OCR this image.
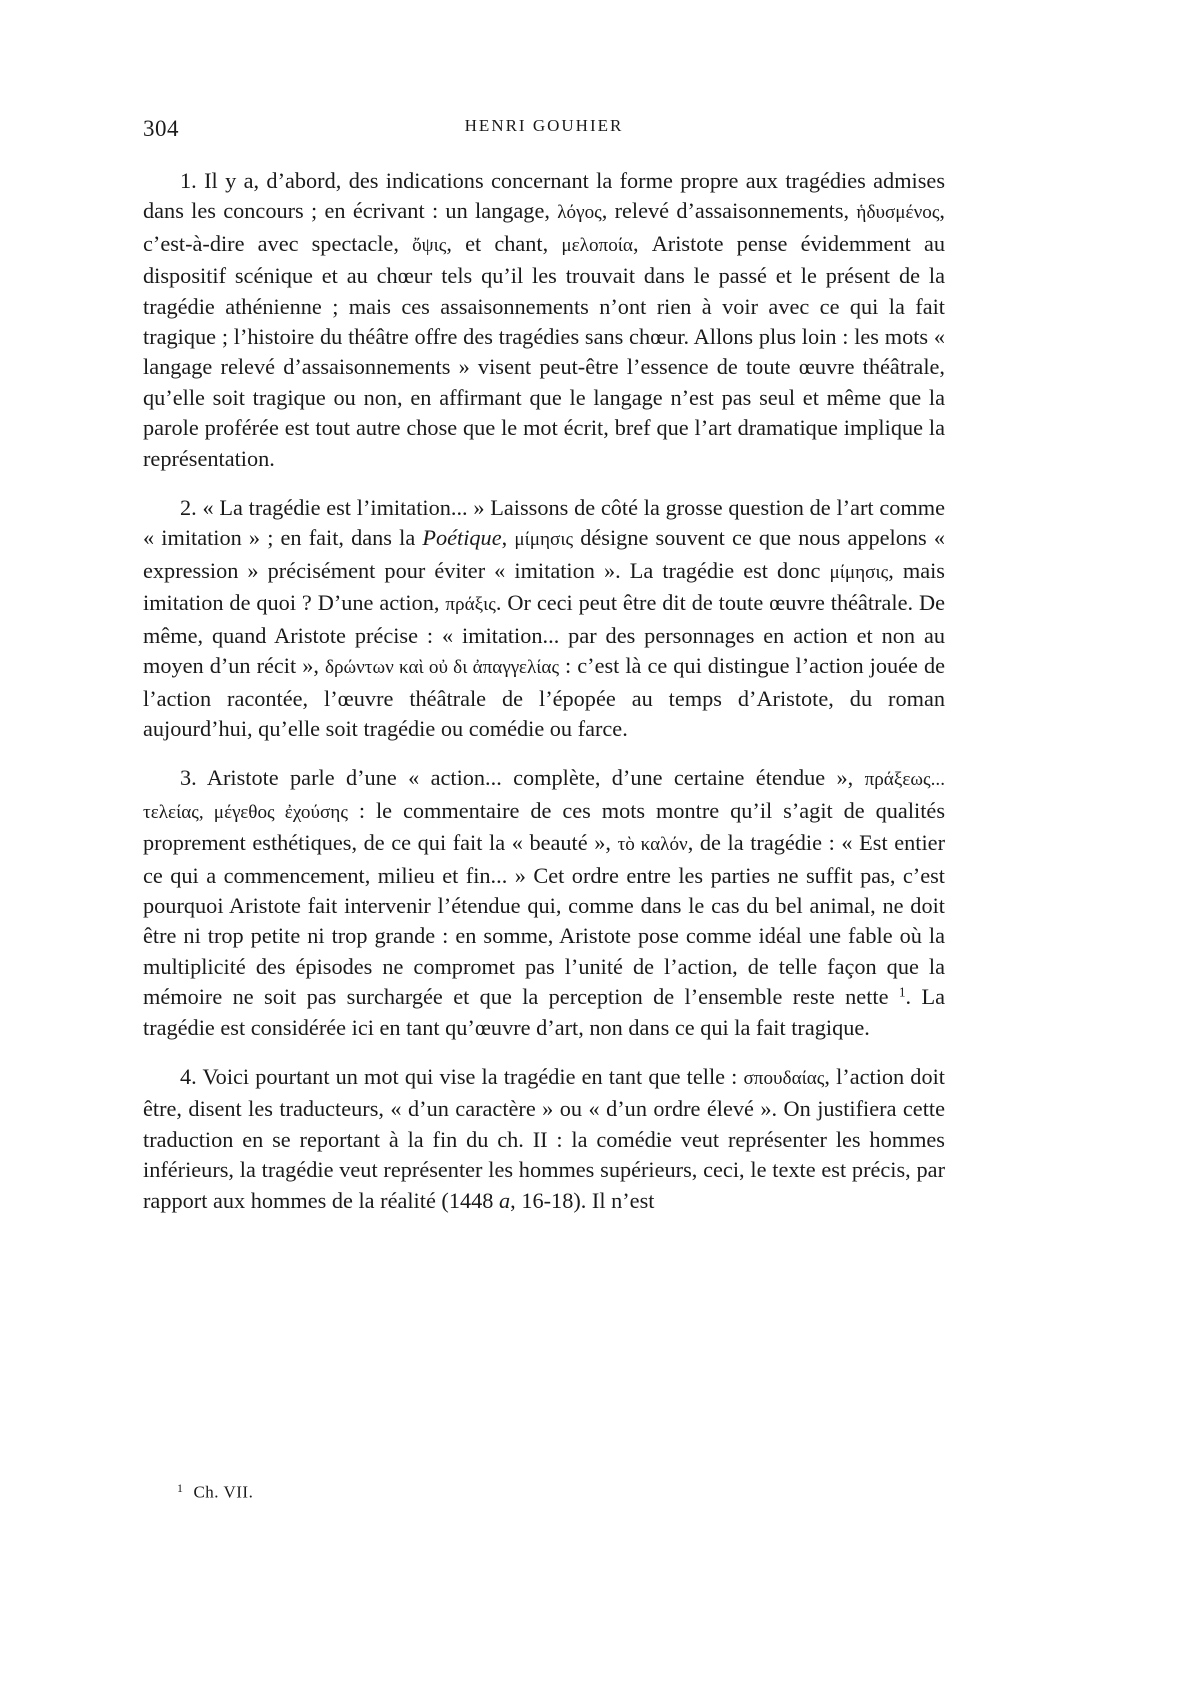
304	HENRI GOUHIER

1. Il y a, d’abord, des indications concernant la forme propre aux tragédies admises dans les concours ; en écrivant : un langage, λόγος, relevé d’assaisonnements, ἡδυσμένος, c’est-à-dire avec spectacle, ὄψις, et chant, μελοποία, Aristote pense évidemment au dispositif scénique et au chœur tels qu’il les trouvait dans le passé et le présent de la tragédie athénienne ; mais ces assaisonnements n’ont rien à voir avec ce qui la fait tragique ; l’histoire du théâtre offre des tragédies sans chœur. Allons plus loin : les mots « langage relevé d’assaisonnements » visent peut-être l’essence de toute œuvre théâtrale, qu’elle soit tragique ou non, en affirmant que le langage n’est pas seul et même que la parole proférée est tout autre chose que le mot écrit, bref que l’art dramatique implique la représentation.

2. « La tragédie est l’imitation... » Laissons de côté la grosse question de l’art comme « imitation » ; en fait, dans la Poétique, μίμησις désigne souvent ce que nous appelons « expression » précisément pour éviter « imitation ». La tragédie est donc μίμησις, mais imitation de quoi ? D’une action, πράξις. Or ceci peut être dit de toute œuvre théâtrale. De même, quand Aristote précise : « imitation... par des personnages en action et non au moyen d’un récit », δρώντων καὶ οὐ δι ἀπαγγελίας : c’est là ce qui distingue l’action jouée de l’action racontée, l’œuvre théâtrale de l’épopée au temps d’Aristote, du roman aujourd’hui, qu’elle soit tragédie ou comédie ou farce.

3. Aristote parle d’une « action... complète, d’une certaine étendue », πράξεως... τελείας, μέγεθος ἐχούσης : le commentaire de ces mots montre qu’il s’agit de qualités proprement esthétiques, de ce qui fait la « beauté », τὸ καλόν, de la tragédie : « Est entier ce qui a commencement, milieu et fin... » Cet ordre entre les parties ne suffit pas, c’est pourquoi Aristote fait intervenir l’étendue qui, comme dans le cas du bel animal, ne doit être ni trop petite ni trop grande : en somme, Aristote pose comme idéal une fable où la multiplicité des épisodes ne compromet pas l’unité de l’action, de telle façon que la mémoire ne soit pas surchargée et que la perception de l’ensemble reste nette $^1$. La tragédie est considérée ici en tant qu’œuvre d’art, non dans ce qui la fait tragique.

4. Voici pourtant un mot qui vise la tragédie en tant que telle : σπουδαίας, l’action doit être, disent les traducteurs, « d’un caractère » ou « d’un ordre élevé ». On justifiera cette traduction en se reportant à la fin du ch. II : la comédie veut représenter les hommes inférieurs, la tragédie veut représenter les hommes supérieurs, ceci, le texte est précis, par rapport aux hommes de la réalité (1448 a, 16-18). Il n’est

$^1$ Ch. VII.
